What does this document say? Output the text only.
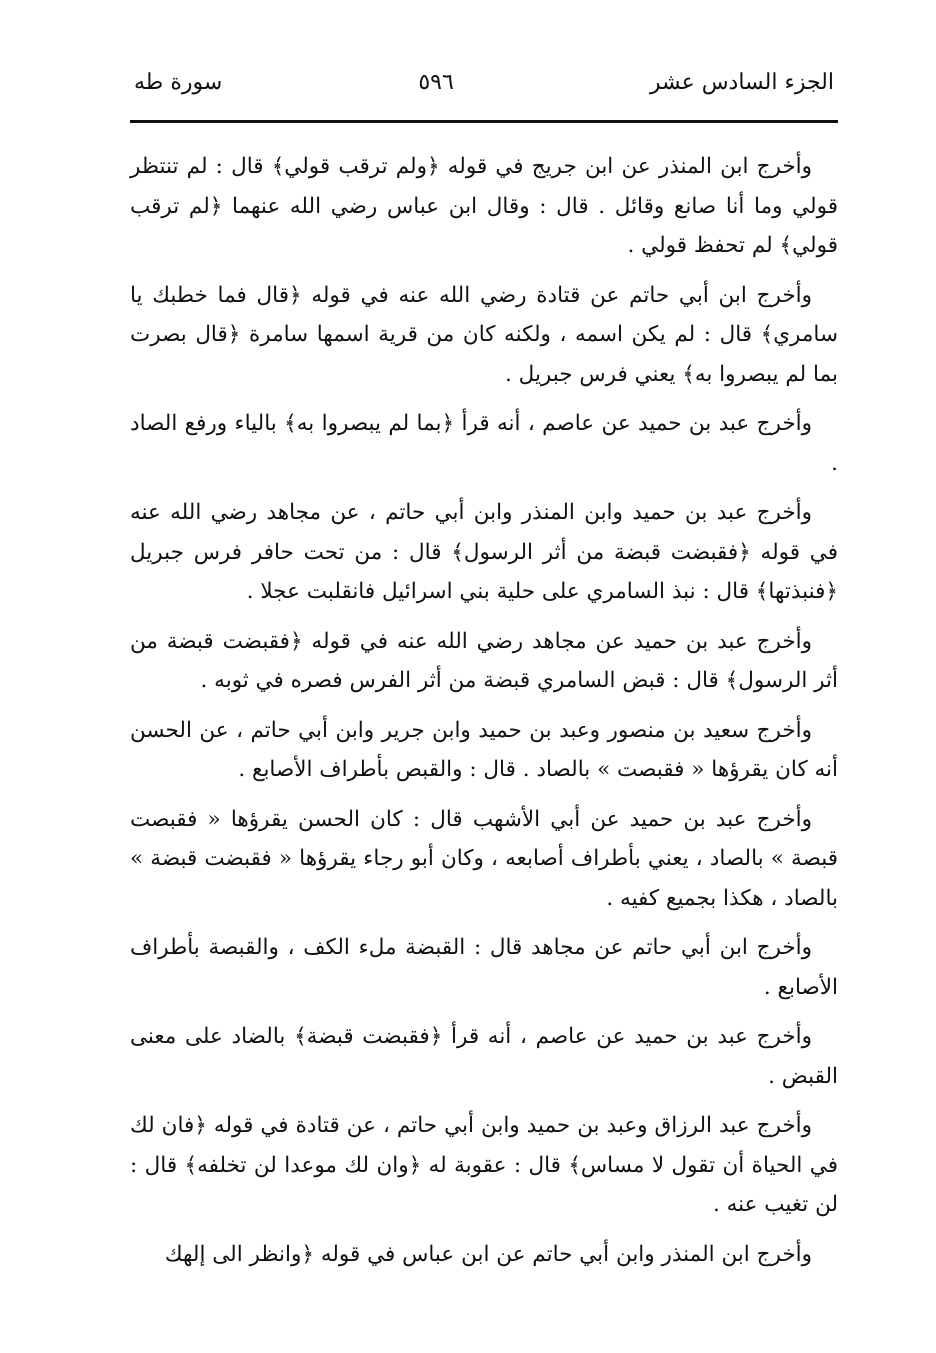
الجزء السادس عشر
٥٩٦
سورة طه

وأخرج ابن المنذر عن ابن جريج في قوله ﴿ولم ترقب قولي﴾ قال : لم تنتظر قولي وما أنا صانع وقائل . قال : وقال ابن عباس رضي الله عنهما ﴿لم ترقب قولي﴾ لم تحفظ قولي .

وأخرج ابن أبي حاتم عن قتادة رضي الله عنه في قوله ﴿قال فما خطبك يا سامري﴾ قال : لم يكن اسمه ، ولكنه كان من قرية اسمها سامرة ﴿قال بصرت بما لم يبصروا به﴾ يعني فرس جبريل .

وأخرج عبد بن حميد عن عاصم ، أنه قرأ ﴿بما لم يبصروا به﴾ بالياء ورفع الصاد .

وأخرج عبد بن حميد وابن المنذر وابن أبي حاتم ، عن مجاهد رضي الله عنه في قوله ﴿فقبضت قبضة من أثر الرسول﴾ قال : من تحت حافر فرس جبريل ﴿فنبذتها﴾ قال : نبذ السامري على حلية بني اسرائيل فانقلبت عجلا .

وأخرج عبد بن حميد عن مجاهد رضي الله عنه في قوله ﴿فقبضت قبضة من أثر الرسول﴾ قال : قبض السامري قبضة من أثر الفرس فصره في ثوبه .

وأخرج سعيد بن منصور وعبد بن حميد وابن جرير وابن أبي حاتم ، عن الحسن أنه كان يقرؤها « فقبصت » بالصاد . قال : والقبص بأطراف الأصابع .

وأخرج عبد بن حميد عن أبي الأشهب قال : كان الحسن يقرؤها « فقبصت قبصة » بالصاد ، يعني بأطراف أصابعه ، وكان أبو رجاء يقرؤها « فقبضت قبضة » بالصاد ، هكذا بجميع كفيه .

وأخرج ابن أبي حاتم عن مجاهد قال : القبضة ملء الكف ، والقبصة بأطراف الأصابع .

وأخرج عبد بن حميد عن عاصم ، أنه قرأ ﴿فقبضت قبضة﴾ بالضاد على معنى القبض .

وأخرج عبد الرزاق وعبد بن حميد وابن أبي حاتم ، عن قتادة في قوله ﴿فان لك في الحياة أن تقول لا مساس﴾ قال : عقوبة له ﴿وان لك موعدا لن تخلفه﴾ قال : لن تغيب عنه .

وأخرج ابن المنذر وابن أبي حاتم عن ابن عباس في قوله ﴿وانظر الى إلهك
